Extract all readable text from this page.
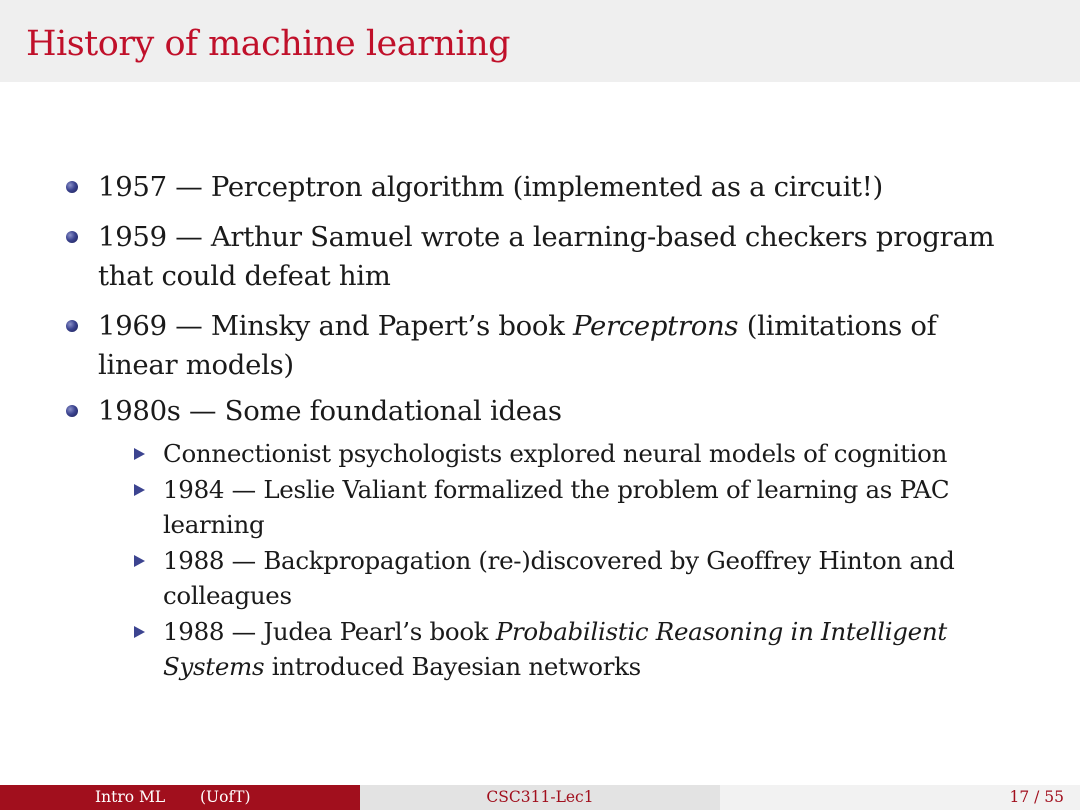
History of machine learning
1957 — Perceptron algorithm (implemented as a circuit!)
1959 — Arthur Samuel wrote a learning-based checkers program
that could defeat him
1969 — Minsky and Papert’s book Perceptrons (limitations of
linear models)
1980s — Some foundational ideas
Connectionist psychologists explored neural models of cognition
1984 — Leslie Valiant formalized the problem of learning as PAC
learning
1988 — Backpropagation (re-)discovered by Geoffrey Hinton and
colleagues
1988 — Judea Pearl’s book Probabilistic Reasoning in Intelligent
Systems introduced Bayesian networks
Intro ML (UofT)	CSC311-Lec1	17 / 55
